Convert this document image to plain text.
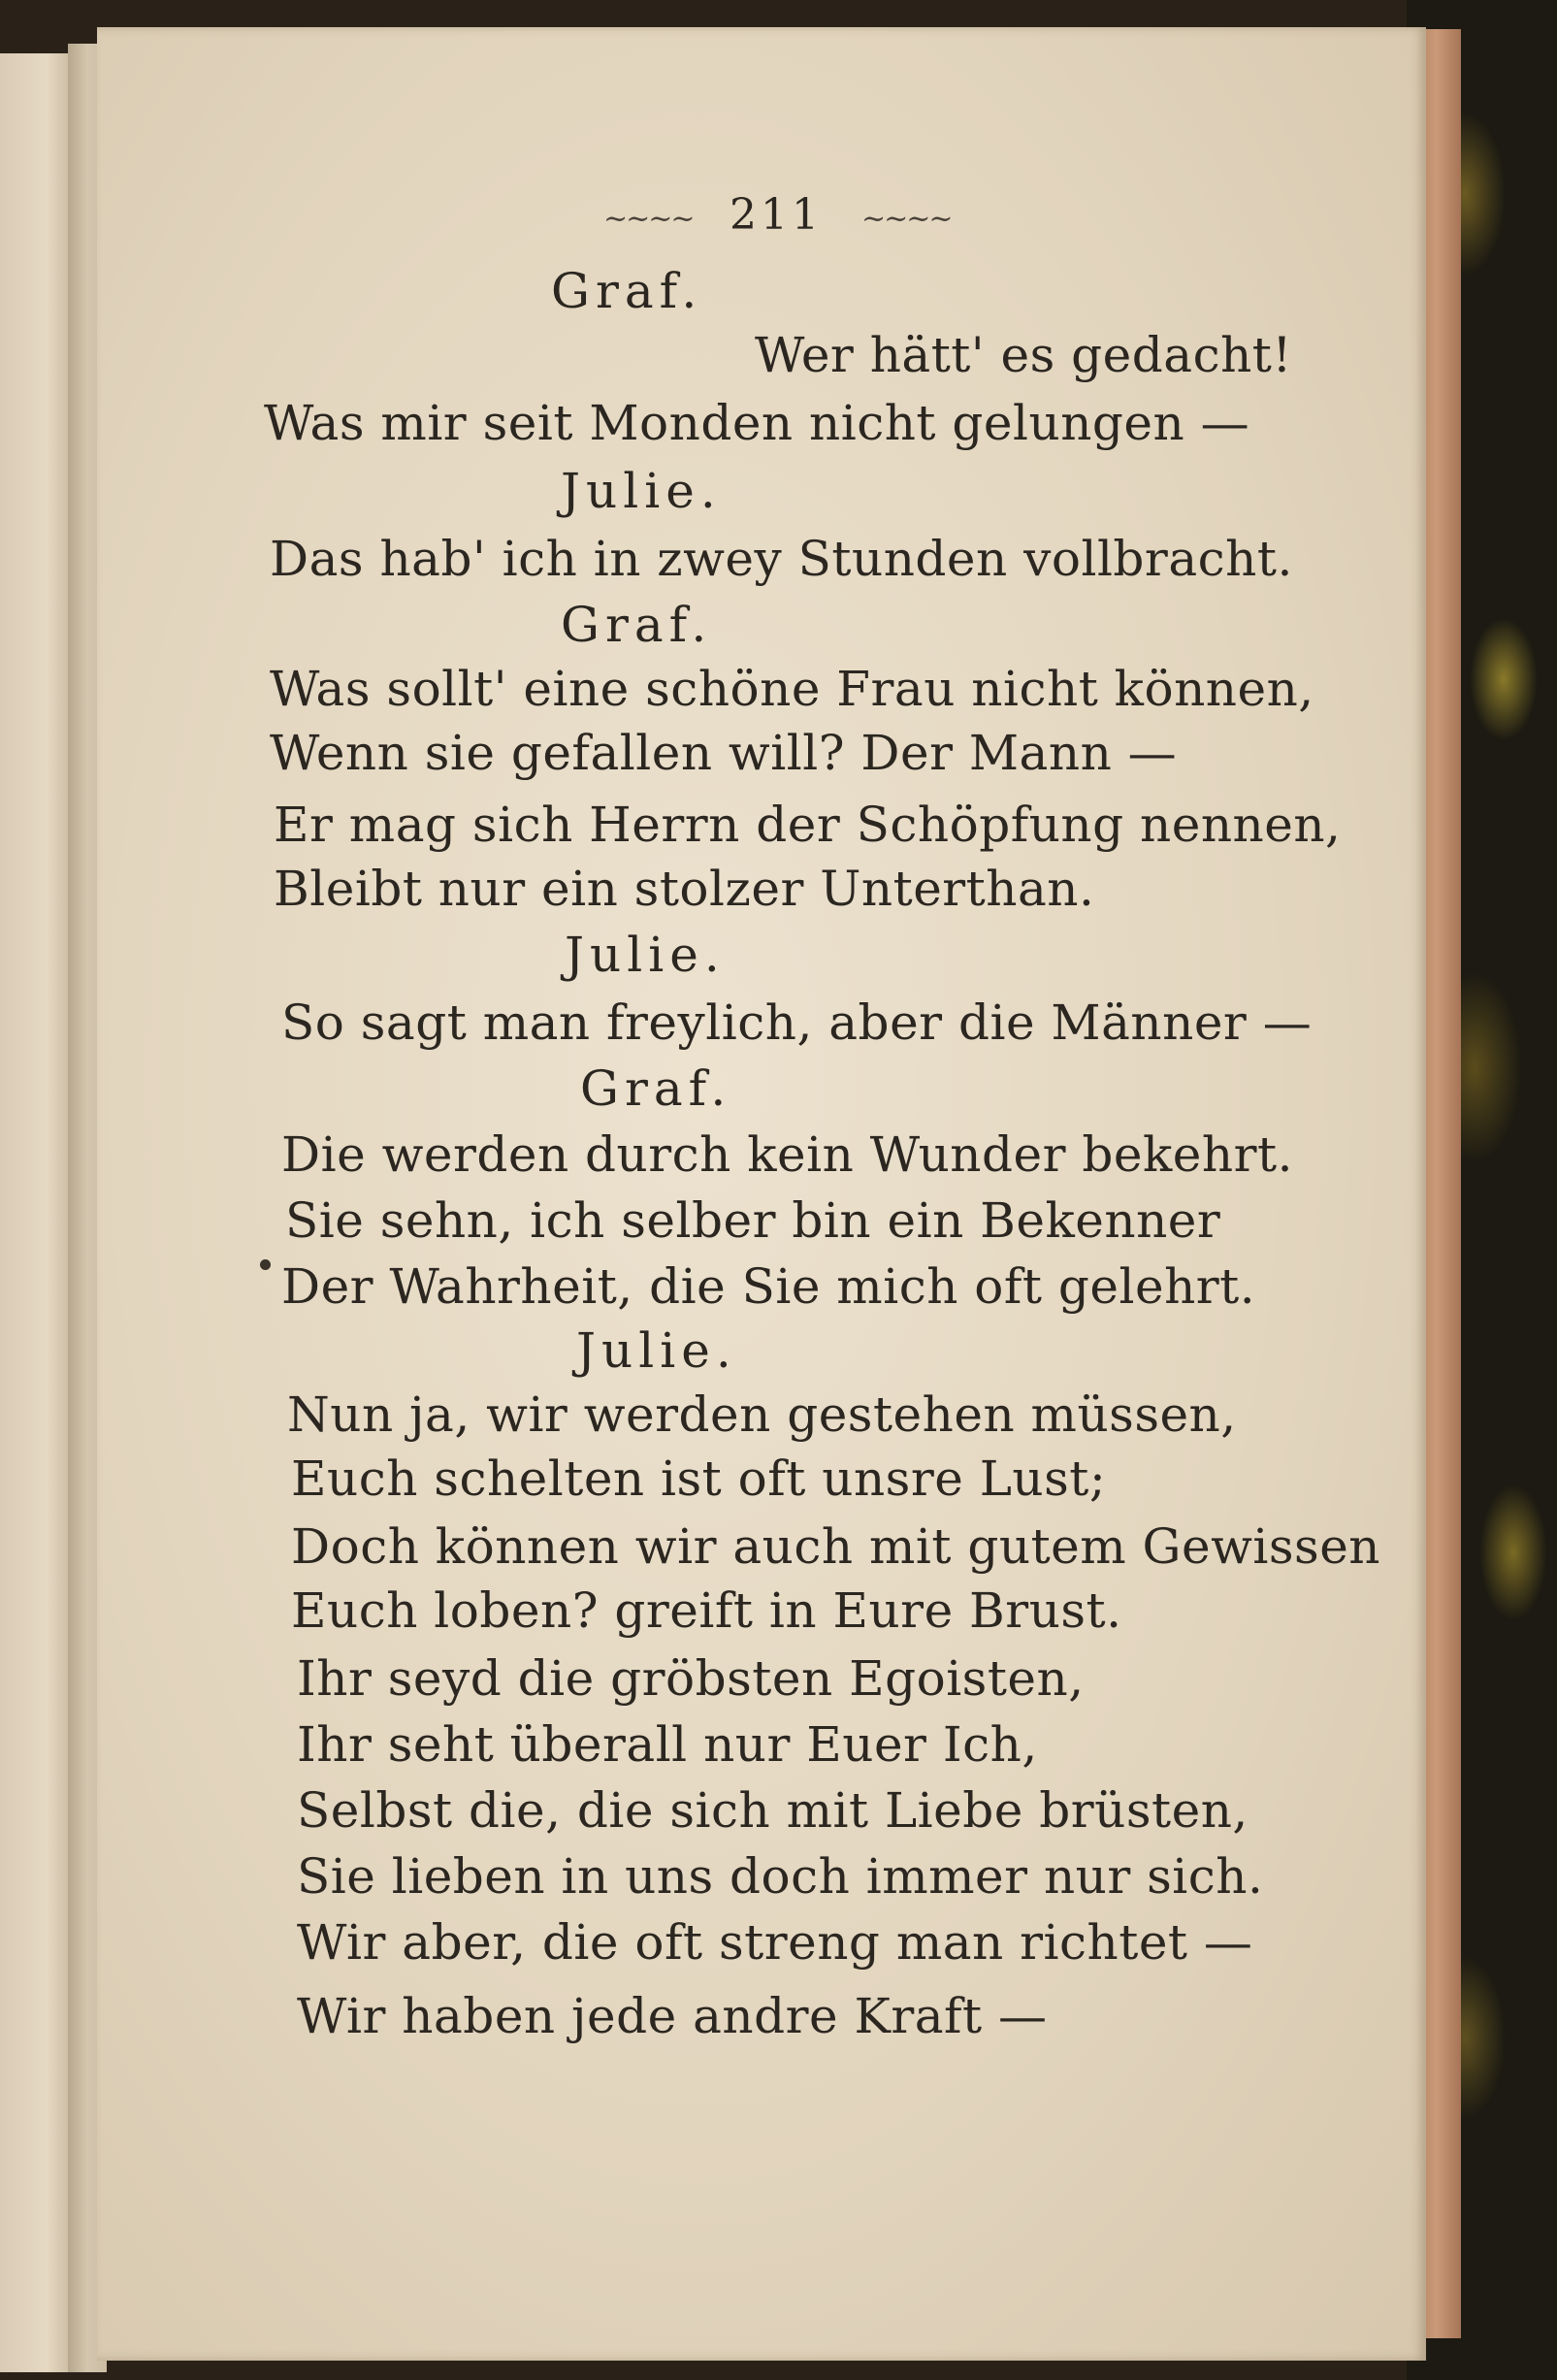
~~~~ 211 ~~~~
Graf.
Wer hätt' es gedacht!
Was mir seit Monden nicht gelungen —
Julie.
Das hab' ich in zwey Stunden vollbracht.
Graf.
Was sollt' eine schöne Frau nicht können,
Wenn sie gefallen will? Der Mann —
Er mag sich Herrn der Schöpfung nennen,
Bleibt nur ein stolzer Unterthan.
Julie.
So sagt man freylich, aber die Männer —
Graf.
Die werden durch kein Wunder bekehrt.
Sie sehn, ich selber bin ein Bekenner
Der Wahrheit, die Sie mich oft gelehrt.
Julie.
Nun ja, wir werden gestehen müssen,
Euch schelten ist oft unsre Lust;
Doch können wir auch mit gutem Gewissen
Euch loben? greift in Eure Brust.
Ihr seyd die gröbsten Egoisten,
Ihr seht überall nur Euer Ich,
Selbst die, die sich mit Liebe brüsten,
Sie lieben in uns doch immer nur sich.
Wir aber, die oft streng man richtet —
Wir haben jede andre Kraft —
